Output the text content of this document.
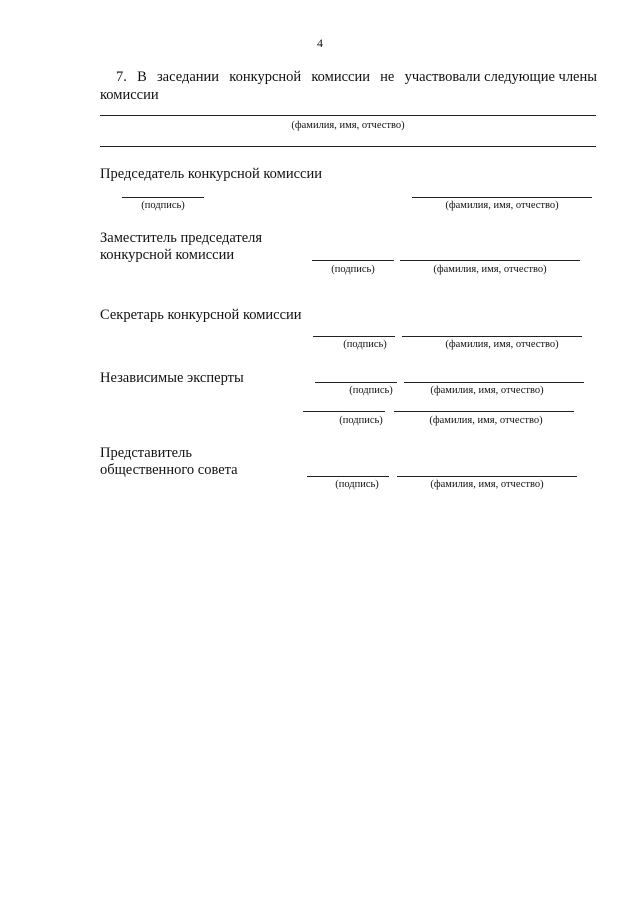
4
7. В заседании конкурсной комиссии не участвовали следующие члены
комиссии
(фамилия, имя, отчество)
Председатель конкурсной комиссии
(подпись)	(фамилия, имя, отчество)
Заместитель председателя
конкурсной комиссии
(подпись)	(фамилия, имя, отчество)
Секретарь конкурсной комиссии
(подпись)	(фамилия, имя, отчество)
Независимые эксперты
(подпись)	(фамилия, имя, отчество)
(подпись)	(фамилия, имя, отчество)
Представитель
общественного совета
(подпись)	(фамилия, имя, отчество)
